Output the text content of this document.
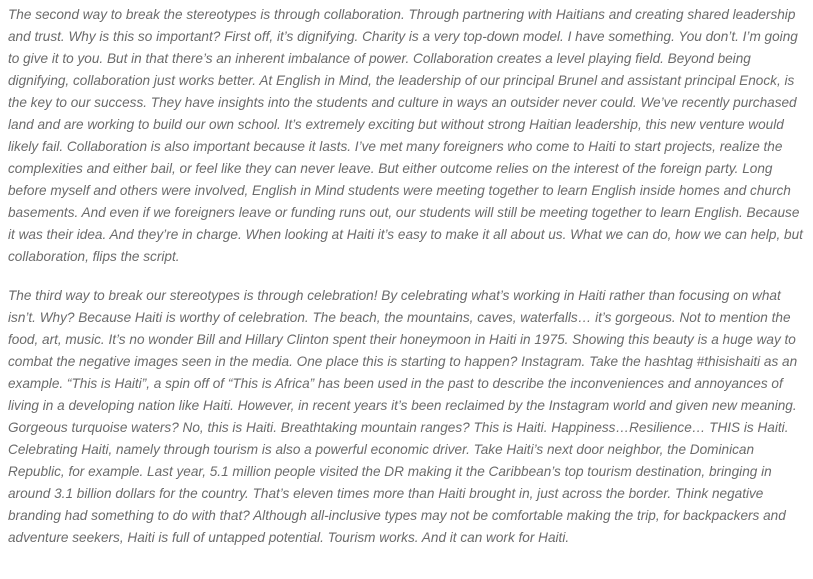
The second way to break the stereotypes is through collaboration. Through partnering with Haitians and creating shared leadership and trust. Why is this so important? First off, it’s dignifying. Charity is a very top-down model. I have something. You don’t. I’m going to give it to you. But in that there’s an inherent imbalance of power. Collaboration creates a level playing field. Beyond being dignifying, collaboration just works better. At English in Mind, the leadership of our principal Brunel and assistant principal Enock, is the key to our success. They have insights into the students and culture in ways an outsider never could. We’ve recently purchased land and are working to build our own school. It’s extremely exciting but without strong Haitian leadership, this new venture would likely fail. Collaboration is also important because it lasts. I’ve met many foreigners who come to Haiti to start projects, realize the complexities and either bail, or feel like they can never leave. But either outcome relies on the interest of the foreign party. Long before myself and others were involved, English in Mind students were meeting together to learn English inside homes and church basements. And even if we foreigners leave or funding runs out, our students will still be meeting together to learn English. Because it was their idea. And they’re in charge. When looking at Haiti it’s easy to make it all about us. What we can do, how we can help, but collaboration, flips the script.

The third way to break our stereotypes is through celebration! By celebrating what’s working in Haiti rather than focusing on what isn’t. Why? Because Haiti is worthy of celebration. The beach, the mountains, caves, waterfalls… it’s gorgeous. Not to mention the food, art, music. It’s no wonder Bill and Hillary Clinton spent their honeymoon in Haiti in 1975. Showing this beauty is a huge way to combat the negative images seen in the media. One place this is starting to happen? Instagram. Take the hashtag #thisishaiti as an example. “This is Haiti”, a spin off of “This is Africa” has been used in the past to describe the inconveniences and annoyances of living in a developing nation like Haiti. However, in recent years it’s been reclaimed by the Instagram world and given new meaning. Gorgeous turquoise waters? No, this is Haiti. Breathtaking mountain ranges? This is Haiti. Happiness…Resilience… THIS is Haiti. Celebrating Haiti, namely through tourism is also a powerful economic driver. Take Haiti’s next door neighbor, the Dominican Republic, for example. Last year, 5.1 million people visited the DR making it the Caribbean’s top tourism destination, bringing in around 3.1 billion dollars for the country. That’s eleven times more than Haiti brought in, just across the border. Think negative branding had something to do with that? Although all-inclusive types may not be comfortable making the trip, for backpackers and adventure seekers, Haiti is full of untapped potential. Tourism works. And it can work for Haiti.
